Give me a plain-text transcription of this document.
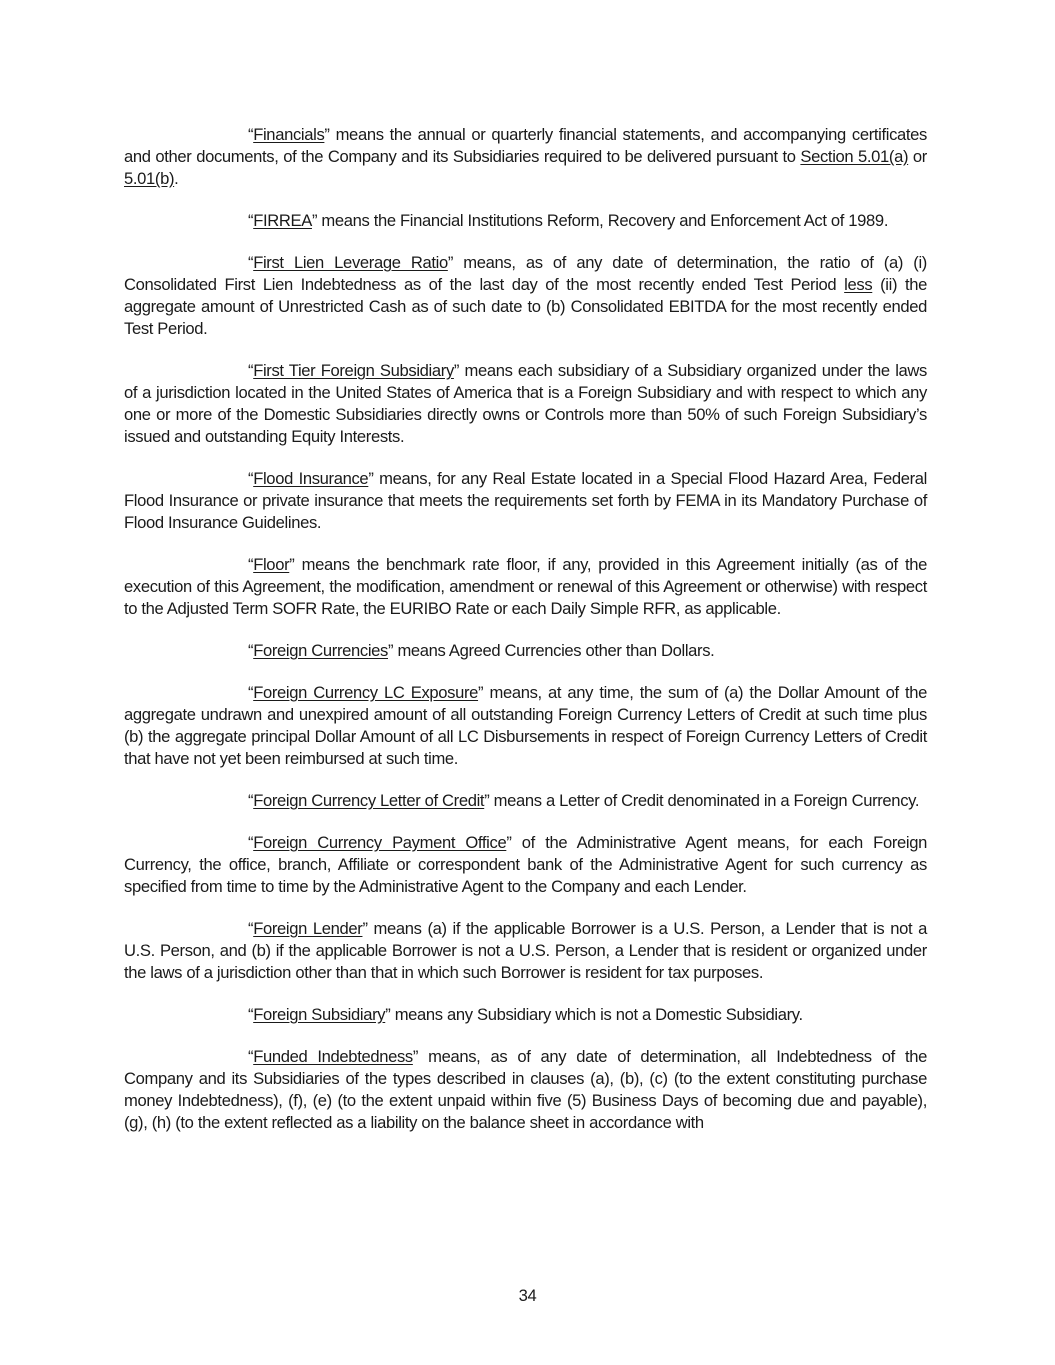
“Financials” means the annual or quarterly financial statements, and accompanying certificates and other documents, of the Company and its Subsidiaries required to be delivered pursuant to Section 5.01(a) or 5.01(b).

“FIRREA” means the Financial Institutions Reform, Recovery and Enforcement Act of 1989.

“First Lien Leverage Ratio” means, as of any date of determination, the ratio of (a) (i) Consolidated First Lien Indebtedness as of the last day of the most recently ended Test Period less (ii) the aggregate amount of Unrestricted Cash as of such date to (b) Consolidated EBITDA for the most recently ended Test Period.

“First Tier Foreign Subsidiary” means each subsidiary of a Subsidiary organized under the laws of a jurisdiction located in the United States of America that is a Foreign Subsidiary and with respect to which any one or more of the Domestic Subsidiaries directly owns or Controls more than 50% of such Foreign Subsidiary’s issued and outstanding Equity Interests.

“Flood Insurance” means, for any Real Estate located in a Special Flood Hazard Area, Federal Flood Insurance or private insurance that meets the requirements set forth by FEMA in its Mandatory Purchase of Flood Insurance Guidelines.

“Floor” means the benchmark rate floor, if any, provided in this Agreement initially (as of the execution of this Agreement, the modification, amendment or renewal of this Agreement or otherwise) with respect to the Adjusted Term SOFR Rate, the EURIBO Rate or each Daily Simple RFR, as applicable.

“Foreign Currencies” means Agreed Currencies other than Dollars.

“Foreign Currency LC Exposure” means, at any time, the sum of (a) the Dollar Amount of the aggregate undrawn and unexpired amount of all outstanding Foreign Currency Letters of Credit at such time plus (b) the aggregate principal Dollar Amount of all LC Disbursements in respect of Foreign Currency Letters of Credit that have not yet been reimbursed at such time.

“Foreign Currency Letter of Credit” means a Letter of Credit denominated in a Foreign Currency.

“Foreign Currency Payment Office” of the Administrative Agent means, for each Foreign Currency, the office, branch, Affiliate or correspondent bank of the Administrative Agent for such currency as specified from time to time by the Administrative Agent to the Company and each Lender.

“Foreign Lender” means (a) if the applicable Borrower is a U.S. Person, a Lender that is not a U.S. Person, and (b) if the applicable Borrower is not a U.S. Person, a Lender that is resident or organized under the laws of a jurisdiction other than that in which such Borrower is resident for tax purposes.

“Foreign Subsidiary” means any Subsidiary which is not a Domestic Subsidiary.

“Funded Indebtedness” means, as of any date of determination, all Indebtedness of the Company and its Subsidiaries of the types described in clauses (a), (b), (c) (to the extent constituting purchase money Indebtedness), (f), (e) (to the extent unpaid within five (5) Business Days of becoming due and payable), (g), (h) (to the extent reflected as a liability on the balance sheet in accordance with

34
